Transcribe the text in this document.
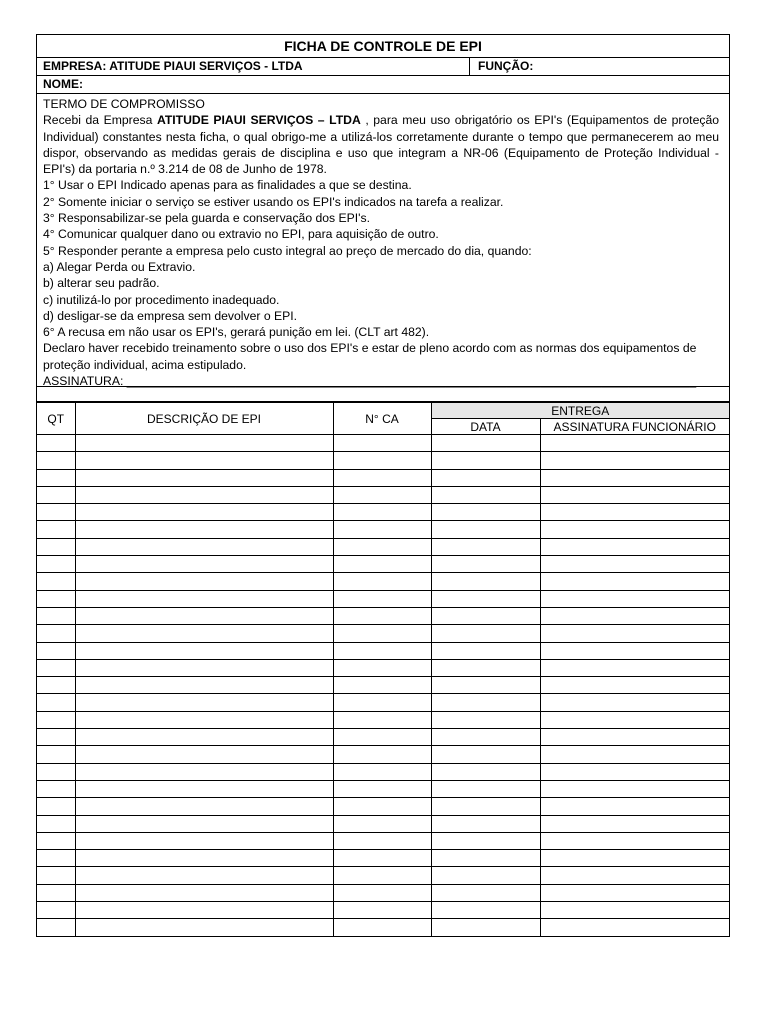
FICHA DE CONTROLE DE EPI
EMPRESA: ATITUDE PIAUI SERVIÇOS - LTDA	FUNÇÃO:
NOME:

TERMO DE COMPROMISSO

Recebi da Empresa ATITUDE PIAUI SERVIÇOS – LTDA , para meu uso obrigatório os EPI's (Equipamentos de proteção Individual) constantes nesta ficha, o qual obrigo-me a utilizá-los corretamente durante o tempo que permanecerem ao meu dispor, observando as medidas gerais de disciplina e uso que integram a NR-06 (Equipamento de Proteção Individual - EPI's) da portaria n.º 3.214 de 08 de Junho de 1978.

1° Usar o EPI Indicado apenas para as finalidades a que se destina.

2° Somente iniciar o serviço se estiver usando os EPI's indicados na tarefa a realizar.

3° Responsabilizar-se pela guarda e conservação dos EPI's.

4° Comunicar qualquer dano ou extravio no EPI, para aquisição de outro.

5° Responder perante a empresa pelo custo integral ao preço de mercado do dia, quando:

a) Alegar Perda ou Extravio.

b) alterar seu padrão.

c) inutilizá-lo por procedimento inadequado.

d) desligar-se da empresa sem devolver o EPI.

6° A recusa em não usar os EPI's, gerará punição em lei. (CLT art 482).

Declaro haver recebido treinamento sobre o uso dos EPI's e estar de pleno acordo com as normas dos equipamentos de proteção individual, acima estipulado.

ASSINATURA: ____________________________________________________________________________________

QT	DESCRIÇÃO DE EPI	N° CA	ENTREGA	
			DATA	ASSINATURA FUNCIONÁRIO
